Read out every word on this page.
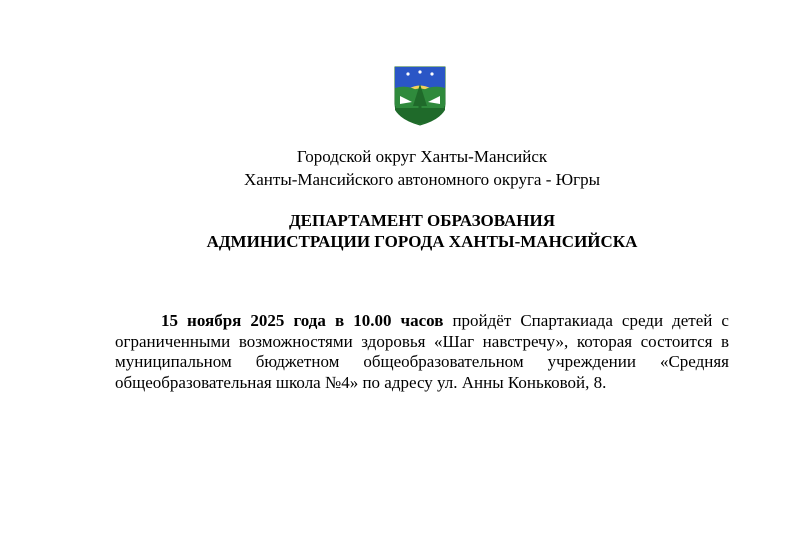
Городской округ Ханты-Мансийск
Ханты-Мансийского автономного округа - Югры
ДЕПАРТАМЕНТ ОБРАЗОВАНИЯ
АДМИНИСТРАЦИИ ГОРОДА ХАНТЫ-МАНСИЙСКА
15 ноября 2025 года в 10.00 часов пройдёт Спартакиада среди детей с ограниченными возможностями здоровья «Шаг навстречу», которая состоится в муниципальном бюджетном общеобразовательном учреждении «Средняя общеобразовательная школа №4» по адресу ул. Анны Коньковой, 8.
